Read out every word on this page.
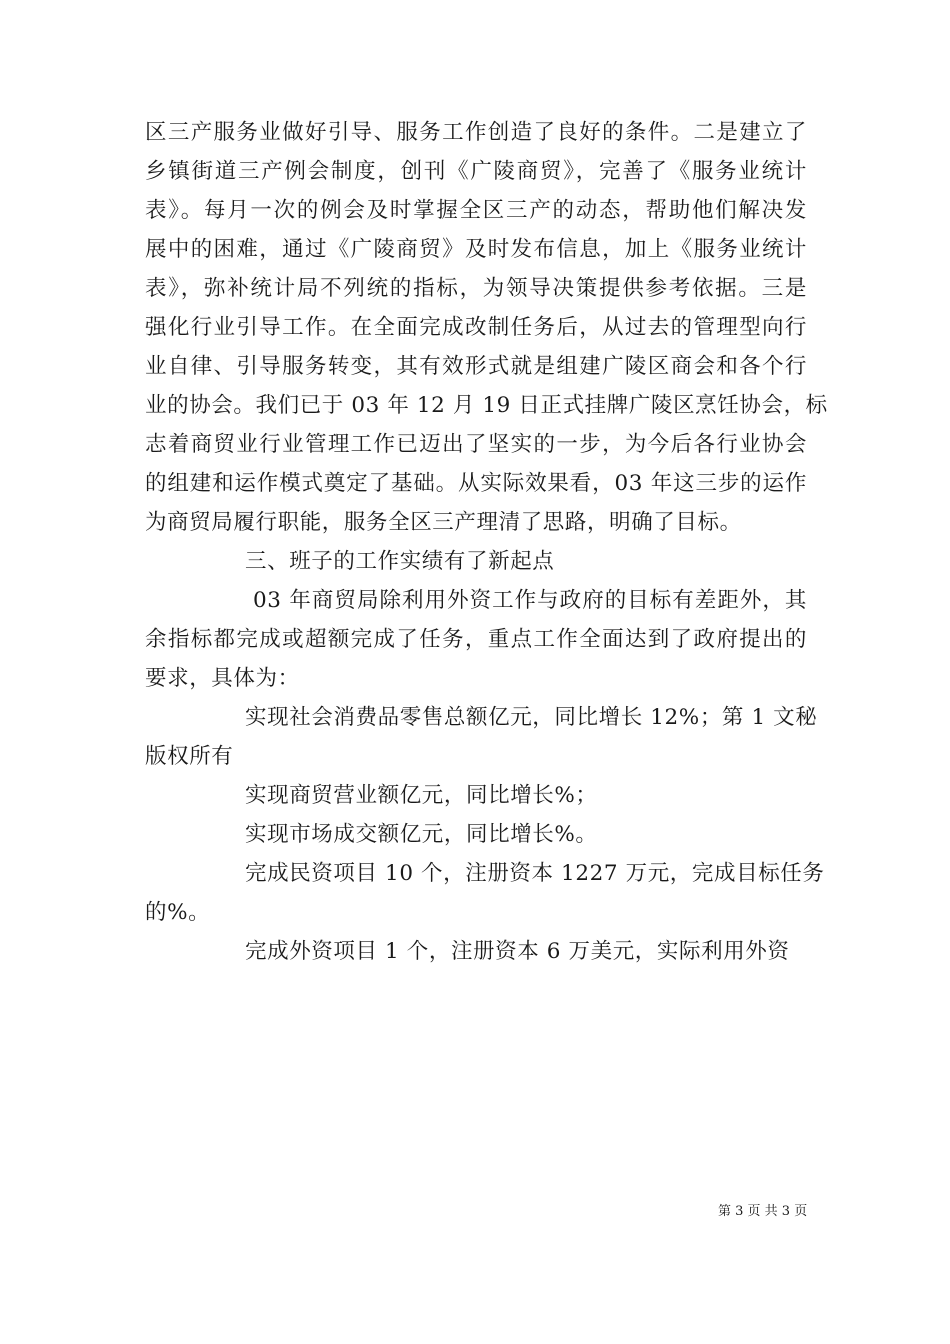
区三产服务业做好引导、服务工作创造了良好的条件。二是建立了
乡镇街道三产例会制度，创刊《广陵商贸》，完善了《服务业统计
表》。每月一次的例会及时掌握全区三产的动态，帮助他们解决发
展中的困难，通过《广陵商贸》及时发布信息，加上《服务业统计
表》，弥补统计局不列统的指标，为领导决策提供参考依据。三是
强化行业引导工作。在全面完成改制任务后，从过去的管理型向行
业自律、引导服务转变，其有效形式就是组建广陵区商会和各个行
业的协会。我们已于 03 年 12 月 19 日正式挂牌广陵区烹饪协会，标
志着商贸业行业管理工作已迈出了坚实的一步，为今后各行业协会
的组建和运作模式奠定了基础。从实际效果看，03 年这三步的运作
为商贸局履行职能，服务全区三产理清了思路，明确了目标。
三、班子的工作实绩有了新起点
03 年商贸局除利用外资工作与政府的目标有差距外，其
余指标都完成或超额完成了任务，重点工作全面达到了政府提出的
要求，具体为：
实现社会消费品零售总额亿元，同比增长 12%；第 1 文秘
版权所有
实现商贸营业额亿元，同比增长%；
实现市场成交额亿元，同比增长%。
完成民资项目 10 个，注册资本 1227 万元，完成目标任务
的%。
完成外资项目 1 个，注册资本 6 万美元，实际利用外资
第 3 页 共 3 页
